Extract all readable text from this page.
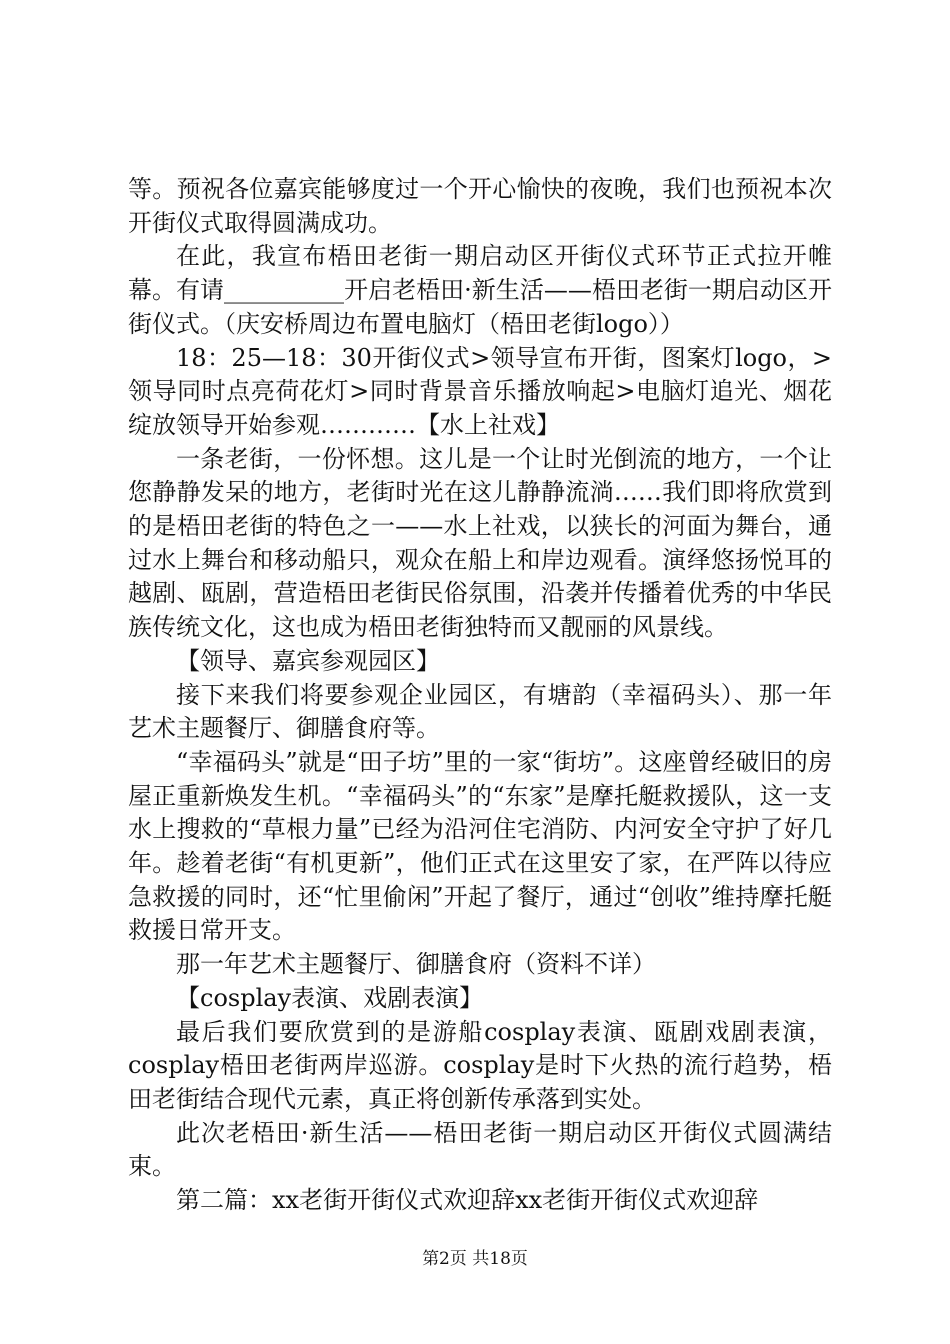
等。预祝各位嘉宾能够度过一个开心愉快的夜晚，我们也预祝本次开街仪式取得圆满成功。

在此，我宣布梧田老街一期启动区开街仪式环节正式拉开帷幕。有请__________开启老梧田·新生活——梧田老街一期启动区开街仪式。（庆安桥周边布置电脑灯（梧田老街logo））

18：25—18：30开街仪式>领导宣布开街，图案灯logo，>领导同时点亮荷花灯>同时背景音乐播放响起>电脑灯追光、烟花绽放领导开始参观…………【水上社戏】

一条老街，一份怀想。这儿是一个让时光倒流的地方，一个让您静静发呆的地方，老街时光在这儿静静流淌……我们即将欣赏到的是梧田老街的特色之一——水上社戏，以狭长的河面为舞台，通过水上舞台和移动船只，观众在船上和岸边观看。演绎悠扬悦耳的越剧、瓯剧，营造梧田老街民俗氛围，沿袭并传播着优秀的中华民族传统文化，这也成为梧田老街独特而又靓丽的风景线。

【领导、嘉宾参观园区】

接下来我们将要参观企业园区，有塘韵（幸福码头）、那一年艺术主题餐厅、御膳食府等。

“幸福码头”就是“田子坊”里的一家“街坊”。这座曾经破旧的房屋正重新焕发生机。“幸福码头”的“东家”是摩托艇救援队，这一支水上搜救的“草根力量”已经为沿河住宅消防、内河安全守护了好几年。趁着老街“有机更新”，他们正式在这里安了家，在严阵以待应急救援的同时，还“忙里偷闲”开起了餐厅，通过“创收”维持摩托艇救援日常开支。

那一年艺术主题餐厅、御膳食府（资料不详）

【cosplay表演、戏剧表演】

最后我们要欣赏到的是游船cosplay表演、瓯剧戏剧表演，cosplay梧田老街两岸巡游。cosplay是时下火热的流行趋势，梧田老街结合现代元素，真正将创新传承落到实处。

此次老梧田·新生活——梧田老街一期启动区开街仪式圆满结束。

第二篇：xx老街开街仪式欢迎辞xx老街开街仪式欢迎辞

第2页 共18页
